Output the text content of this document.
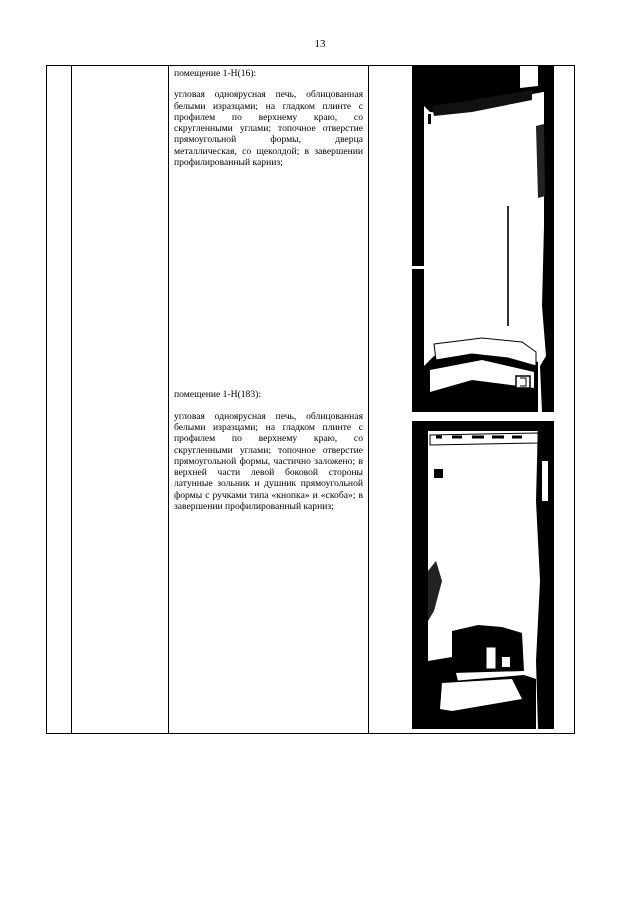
13

помещение 1-Н(16):

угловая одноярусная печь, облицованная белыми изразцами; на гладком плинте с профилем по верхнему краю, со скругленными углами; топочное отверстие прямоугольной формы, дверца металлическая, со щеколдой; в завершении профилированный карниз;

помещение 1-Н(183):

угловая одноярусная печь, облицованная белыми изразцами; на гладком плинте с профилем по верхнему краю, со скругленными углами; топочное отверстие прямоугольной формы, частично заложено; в верхней части левой боковой стороны латунные зольник и душник прямоугольной формы с ручками типа «кнопка» и «скоба»; в завершении профилированный карниз;
